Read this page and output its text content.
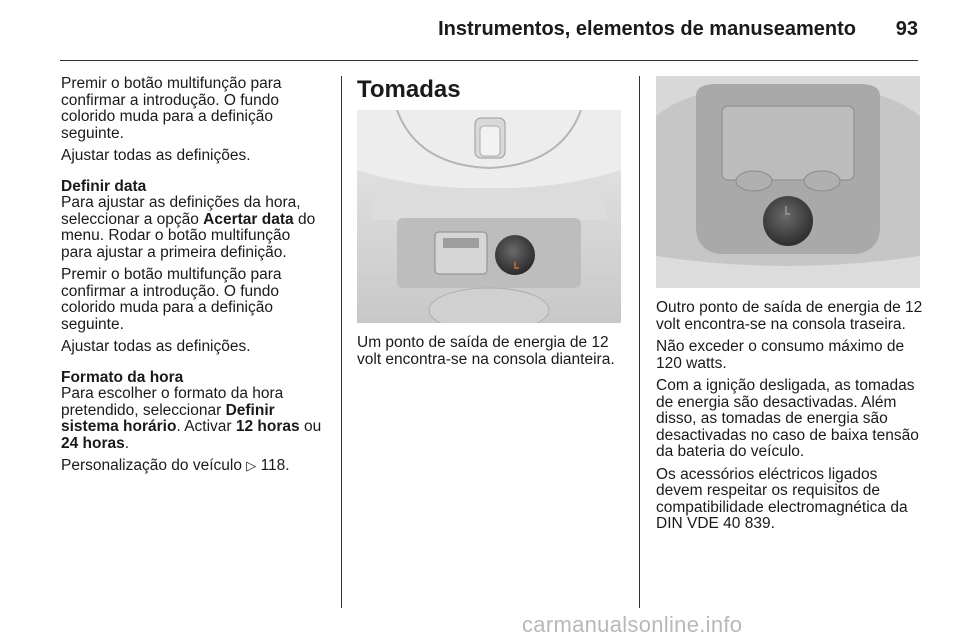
Instrumentos, elementos de manuseamento 93

Premir o botão multifunção para confirmar a introdução. O fundo colorido muda para a definição seguinte.

Ajustar todas as definições.

Definir data

Para ajustar as definições da hora, seleccionar a opção Acertar data do menu. Rodar o botão multifunção para ajustar a primeira definição.

Premir o botão multifunção para confirmar a introdução. O fundo colorido muda para a definição seguinte.

Ajustar todas as definições.

Formato da hora

Para escolher o formato da hora pretendido, seleccionar Definir sistema horário. Activar 12 horas ou 24 horas.

Personalização do veículo ▷ 118.

Tomadas

Um ponto de saída de energia de 12 volt encontra-se na consola dianteira.

Outro ponto de saída de energia de 12 volt encontra-se na consola traseira.

Não exceder o consumo máximo de 120 watts.

Com a ignição desligada, as tomadas de energia são desactivadas. Além disso, as tomadas de energia são desactivadas no caso de baixa tensão da bateria do veículo.

Os acessórios eléctricos ligados devem respeitar os requisitos de compatibilidade electromagnética da DIN VDE 40 839.

carmanualsonline.info
